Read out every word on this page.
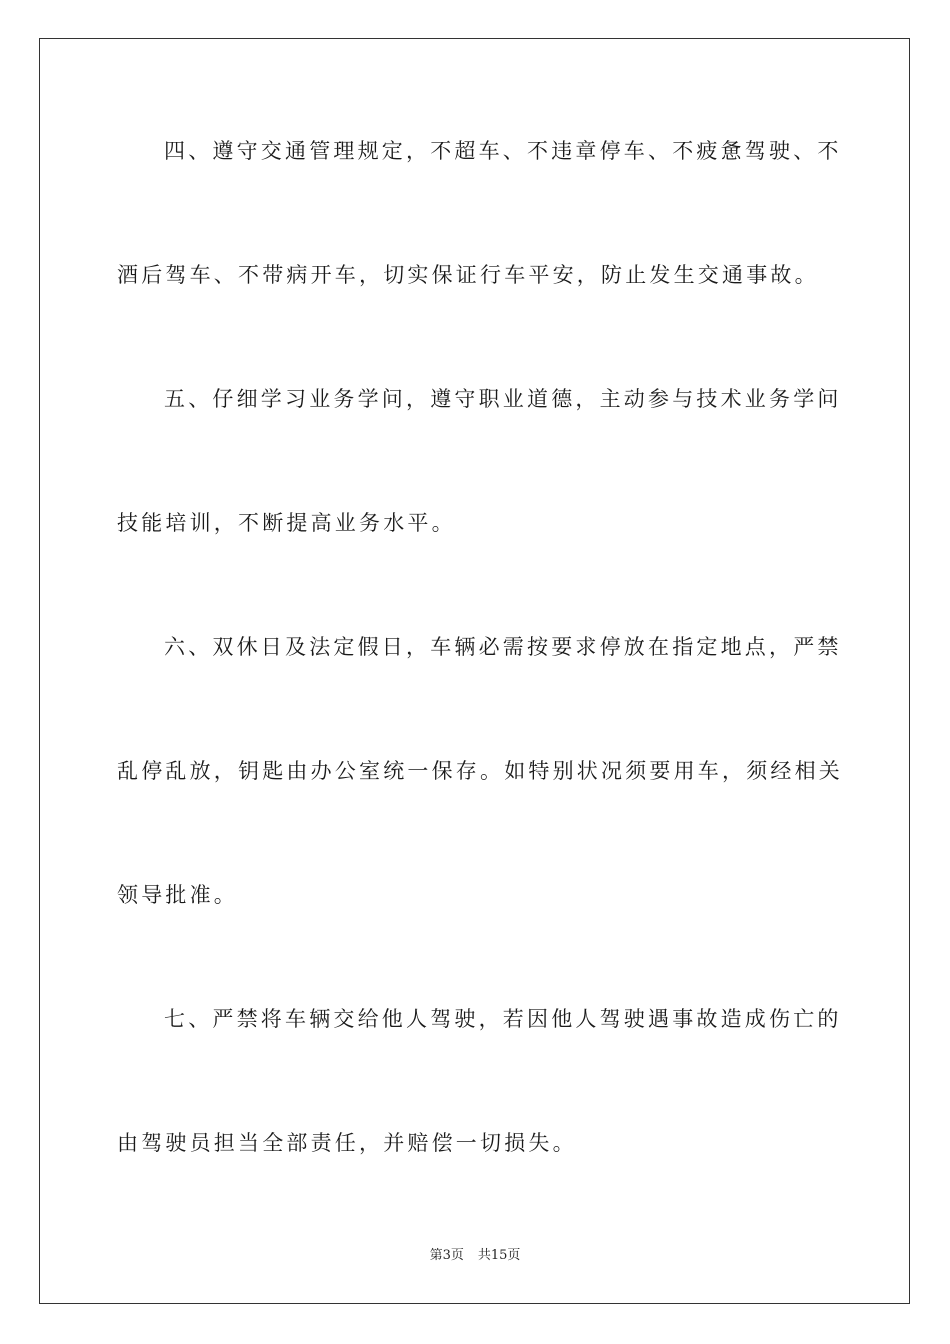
四、遵守交通管理规定，不超车、不违章停车、不疲惫驾驶、不
酒后驾车、不带病开车，切实保证行车平安，防止发生交通事故。
五、仔细学习业务学问，遵守职业道德，主动参与技术业务学问
技能培训，不断提高业务水平。
六、双休日及法定假日，车辆必需按要求停放在指定地点，严禁
乱停乱放，钥匙由办公室统一保存。如特别状况须要用车，须经相关
领导批准。
七、严禁将车辆交给他人驾驶，若因他人驾驶遇事故造成伤亡的
由驾驶员担当全部责任，并赔偿一切损失。
第3页 共15页
